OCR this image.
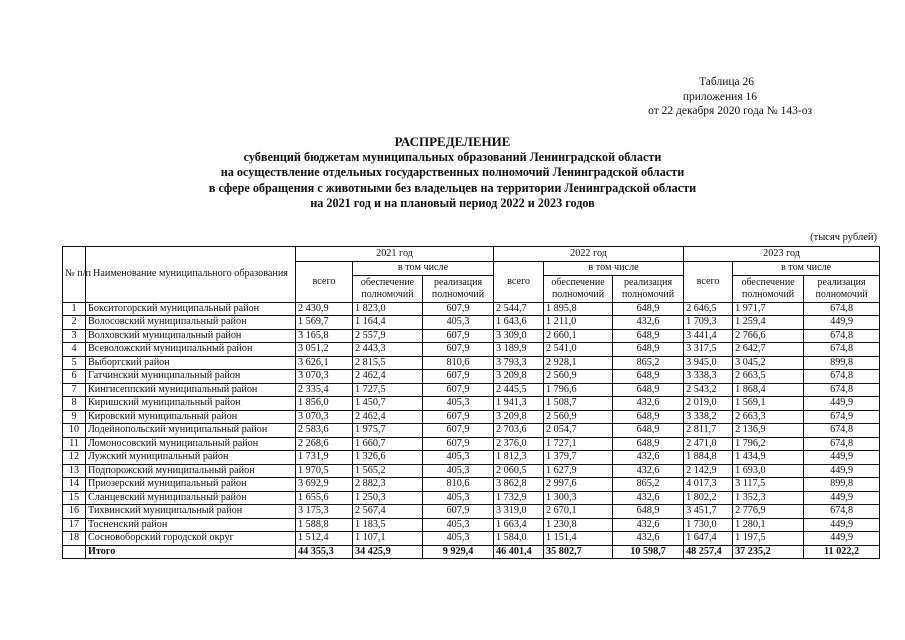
Таблица 26
приложения 16
от 22 декабря 2020 года № 143-оз
РАСПРЕДЕЛЕНИЕ
субвенций бюджетам муниципальных образований Ленинградской области
на осуществление отдельных государственных полномочий Ленинградской области
в сфере обращения с животными без владельцев на территории Ленинградской области
на 2021 год и на плановый период 2022 и 2023 годов
(тысяч рублей)
№ п/п	Наименование муниципального образования	2021 год			2022 год			2023 год		
		всего	в том числе		всего	в том числе		всего	в том числе	
			обеспечение полномочий	реализация полномочий		обеспечение полномочий	реализация полномочий		обеспечение полномочий	реализация полномочий
1	Бокситогорский муниципальный район	2 430,9	1 823,0	607,9	2 544,7	1 895,8	648,9	2 646,5	1 971,7	674,8
2	Волосовский муниципальный район	1 569,7	1 164,4	405,3	1 643,6	1 211,0	432,6	1 709,3	1 259,4	449,9
3	Волховский муниципальный район	3 165,8	2 557,9	607,9	3 309,0	2 660,1	648,9	3 441,4	2 766,6	674,8
4	Всеволожский муниципальный район	3 051,2	2 443,3	607,9	3 189,9	2 541,0	648,9	3 317,5	2 642,7	674,8
5	Выборгский район	3 626,1	2 815,5	810,6	3 793,3	2 928,1	865,2	3 945,0	3 045,2	899,8
6	Гатчинский муниципальный район	3 070,3	2 462,4	607,9	3 209,8	2 560,9	648,9	3 338,3	2 663,5	674,8
7	Кингисеппский муниципальный район	2 335,4	1 727,5	607,9	2 445,5	1 796,6	648,9	2 543,2	1 868,4	674,8
8	Киришский муниципальный район	1 856,0	1 450,7	405,3	1 941,3	1 508,7	432,6	2 019,0	1 569,1	449,9
9	Кировский муниципальный район	3 070,3	2 462,4	607,9	3 209,8	2 560,9	648,9	3 338,2	2 663,3	674,9
10	Лодейнопольский муниципальный район	2 583,6	1 975,7	607,9	2 703,6	2 054,7	648,9	2 811,7	2 136,9	674,8
11	Ломоносовский муниципальный район	2 268,6	1 660,7	607,9	2 376,0	1 727,1	648,9	2 471,0	1 796,2	674,8
12	Лужский муниципальный район	1 731,9	1 326,6	405,3	1 812,3	1 379,7	432,6	1 884,8	1 434,9	449,9
13	Подпорожский муниципальный район	1 970,5	1 565,2	405,3	2 060,5	1 627,9	432,6	2 142,9	1 693,0	449,9
14	Приозерский муниципальный район	3 692,9	2 882,3	810,6	3 862,8	2 997,6	865,2	4 017,3	3 117,5	899,8
15	Сланцевский муниципальный район	1 655,6	1 250,3	405,3	1 732,9	1 300,3	432,6	1 802,2	1 352,3	449,9
16	Тихвинский муниципальный район	3 175,3	2 567,4	607,9	3 319,0	2 670,1	648,9	3 451,7	2 776,9	674,8
17	Тосненский район	1 588,8	1 183,5	405,3	1 663,4	1 230,8	432,6	1 730,0	1 280,1	449,9
18	Сосновоборский городской округ	1 512,4	1 107,1	405,3	1 584,0	1 151,4	432,6	1 647,4	1 197,5	449,9
	Итого	44 355,3	34 425,9	9 929,4	46 401,4	35 802,7	10 598,7	48 257,4	37 235,2	11 022,2
